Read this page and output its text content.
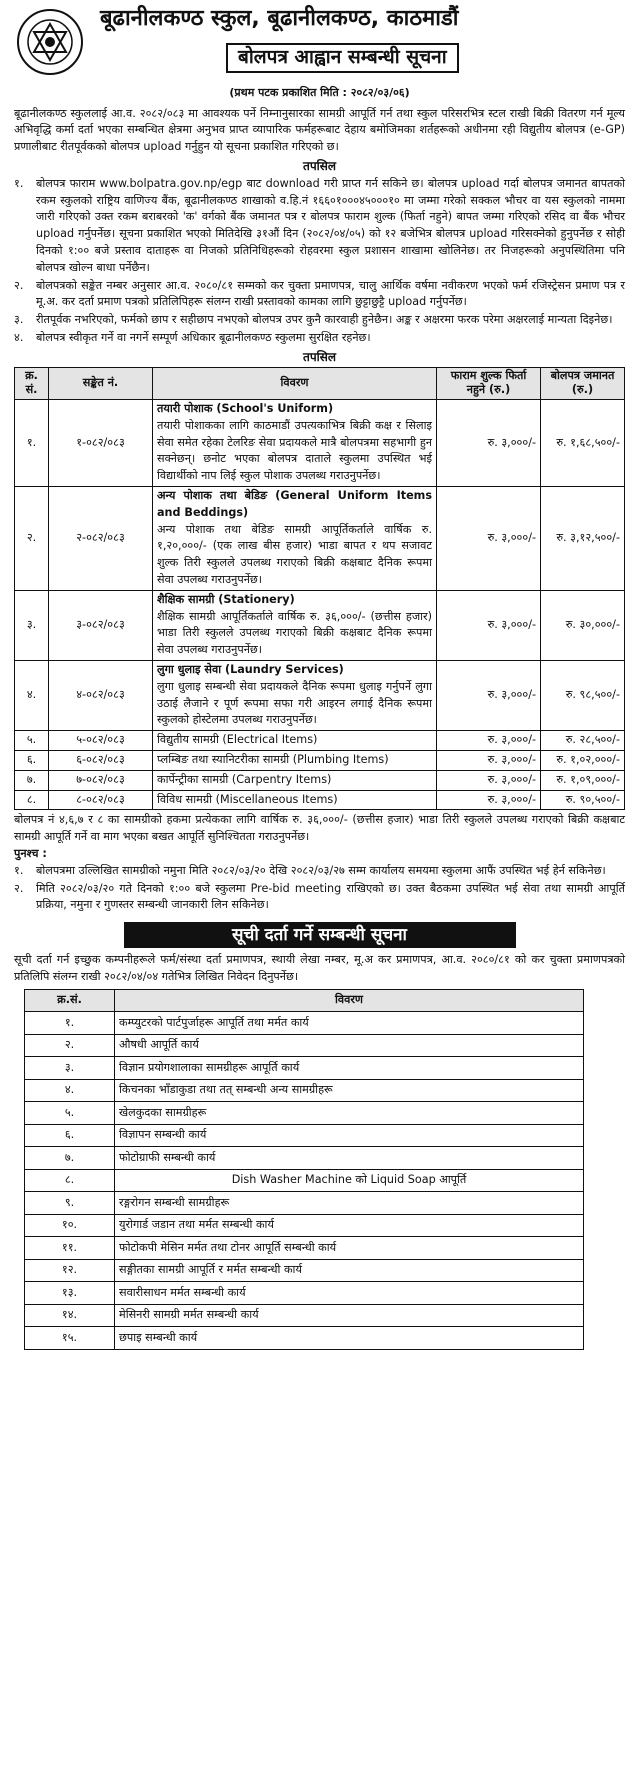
बूढानीलकण्ठ स्कुल, बूढानीलकण्ठ, काठमाडौं
बोलपत्र आह्वान सम्बन्धी सूचना
(प्रथम पटक प्रकाशित मिति : २०८२/०३/०६)

बूढानीलकण्ठ स्कुललाई आ.व. २०८२/०८३ मा आवश्यक पर्ने निम्नानुसारका सामग्री आपूर्ति गर्न तथा स्कुल परिसरभित्र स्टल राखी बिक्री वितरण गर्न मूल्य अभिवृद्धि कर्मा दर्ता भएका सम्बन्धित क्षेत्रमा अनुभव प्राप्त व्यापारिक फर्महरूबाट देहाय बमोजिमका शर्तहरूको अधीनमा रही विद्युतीय बोलपत्र (e-GP) प्रणालीबाट रीतपूर्वकको बोलपत्र upload गर्नुहुन यो सूचना प्रकाशित गरिएको छ।

तपसिल
१.	बोलपत्र फाराम www.bolpatra.gov.np/egp बाट download गरी प्राप्त गर्न सकिने छ। बोलपत्र upload गर्दा बोलपत्र जमानत बापतको रकम स्कुलको राष्ट्रिय वाणिज्य बैंक, बूढानीलकण्ठ शाखाको व.हि.नं १६६०१०००४५०००१० मा जम्मा गरेको सक्कल भौचर वा यस स्कुलको नाममा जारी गरिएको उक्त रकम बराबरको 'क' वर्गको बैंक जमानत पत्र र बोलपत्र फाराम शुल्क (फिर्ता नहुने) बापत जम्मा गरिएको रसिद वा बैंक भौचर upload गर्नुपर्नेछ। सूचना प्रकाशित भएको मितिदेखि ३१औं दिन (२०८२/०४/०५) को १२ बजेभित्र बोलपत्र upload गरिसक्नेको हुनुपर्नेछ र सोही दिनको १:०० बजे प्रस्ताव दाताहरू वा निजको प्रतिनिधिहरूको रोहवरमा स्कुल प्रशासन शाखामा खोलिनेछ। तर निजहरूको अनुपस्थितिमा पनि बोलपत्र खोल्न बाधा पर्नेछैन।
२.	बोलपत्रको सङ्केत नम्बर अनुसार आ.व. २०८०/८१ सम्मको कर चुक्ता प्रमाणपत्र, चालु आर्थिक वर्षमा नवीकरण भएको फर्म रजिस्ट्रेसन प्रमाण पत्र र मू.अ. कर दर्ता प्रमाण पत्रको प्रतिलिपिहरू संलग्न राखी प्रस्तावको कामका लागि छुट्टाछुट्टै upload गर्नुपर्नेछ।
३.	रीतपूर्वक नभरिएको, फर्मको छाप र सहीछाप नभएको बोलपत्र उपर कुनै कारवाही हुनेछैन। अङ्क र अक्षरमा फरक परेमा अक्षरलाई मान्यता दिइनेछ।
४.	बोलपत्र स्वीकृत गर्ने वा नगर्ने सम्पूर्ण अधिकार बूढानीलकण्ठ स्कुलमा सुरक्षित रहनेछ।
तपसिल
क्र. सं.	सङ्केत नं.	विवरण	फाराम शुल्क फिर्ता नहुने (रु.)	बोलपत्र जमानत (रु.)
१.	१-०८२/०८३	तयारी पोशाक (School's Uniform)
तयारी पोशाकका लागि काठमाडौं उपत्यकाभित्र बिक्री कक्ष र सिलाइ सेवा समेत रहेका टेलरिङ सेवा प्रदायकले मात्रै बोलपत्रमा सहभागी हुन सक्नेछन्। छनोट भएका बोलपत्र दाताले स्कुलमा उपस्थित भई विद्यार्थीको नाप लिई स्कुल पोशाक उपलब्ध गराउनुपर्नेछ।	रु. ३,०००/-	रु. १,६८,५००/-
२.	२-०८२/०८३	अन्य पोशाक तथा बेडिङ (General Uniform Items and Beddings)
अन्य पोशाक तथा बेडिङ सामग्री आपूर्तिकर्ताले वार्षिक रु. १,२०,०००/- (एक लाख बीस हजार) भाडा बापत र थप सजावट शुल्क तिरी स्कुलले उपलब्ध गराएको बिक्री कक्षबाट दैनिक रूपमा सेवा उपलब्ध गराउनुपर्नेछ।	रु. ३,०००/-	रु. ३,१२,५००/-
३.	३-०८२/०८३	शैक्षिक सामग्री (Stationery)
शैक्षिक सामग्री आपूर्तिकर्ताले वार्षिक रु. ३६,०००/- (छत्तीस हजार) भाडा तिरी स्कुलले उपलब्ध गराएको बिक्री कक्षबाट दैनिक रूपमा सेवा उपलब्ध गराउनुपर्नेछ।	रु. ३,०००/-	रु. ३०,०००/-
४.	४-०८२/०८३	लुगा धुलाइ सेवा (Laundry Services)
लुगा धुलाइ सम्बन्धी सेवा प्रदायकले दैनिक रूपमा धुलाइ गर्नुपर्ने लुगा उठाई लैजाने र पूर्ण रूपमा सफा गरी आइरन लगाई दैनिक रूपमा स्कुलको होस्टेलमा उपलब्ध गराउनुपर्नेछ।	रु. ३,०००/-	रु. ९८,५००/-
५.	५-०८२/०८३	विद्युतीय सामग्री (Electrical Items)	रु. ३,०००/-	रु. २८,५००/-
६.	६-०८२/०८३	प्लम्बिङ तथा स्यानिटरीका सामग्री (Plumbing Items)	रु. ३,०००/-	रु. १,०२,०००/-
७.	७-०८२/०८३	कार्पेन्ट्रीका सामग्री (Carpentry Items)	रु. ३,०००/-	रु. १,०९,०००/-
८.	८-०८२/०८३	विविध सामग्री (Miscellaneous Items)	रु. ३,०००/-	रु. ९०,५००/-

बोलपत्र नं ४,६,७ र ८ का सामग्रीको हकमा प्रत्येकका लागि वार्षिक रु. ३६,०००/- (छत्तीस हजार) भाडा तिरी स्कुलले उपलब्ध गराएको बिक्री कक्षबाट सामग्री आपूर्ति गर्ने वा माग भएका बखत आपूर्ति सुनिश्चितता गराउनुपर्नेछ।

पुनश्च :
१.	बोलपत्रमा उल्लिखित सामग्रीको नमुना मिति २०८२/०३/२० देखि २०८२/०३/२७ सम्म कार्यालय समयमा स्कुलमा आफैं उपस्थित भई हेर्न सकिनेछ।
२.	मिति २०८२/०३/२० गते दिनको १:०० बजे स्कुलमा Pre-bid meeting राखिएको छ। उक्त बैठकमा उपस्थित भई सेवा तथा सामग्री आपूर्ति प्रक्रिया, नमुना र गुणस्तर सम्बन्धी जानकारी लिन सकिनेछ।
सूची दर्ता गर्ने सम्बन्धी सूचना

सूची दर्ता गर्न इच्छुक कम्पनीहरूले फर्म/संस्था दर्ता प्रमाणपत्र, स्थायी लेखा नम्बर, मू.अ कर प्रमाणपत्र, आ.व. २०८०/८१ को कर चुक्ता प्रमाणपत्रको प्रतिलिपि संलग्न राखी २०८२/०४/०४ गतेभित्र लिखित निवेदन दिनुपर्नेछ।

क्र.सं.	विवरण
१.	कम्प्युटरको पार्टपुर्जाहरू आपूर्ति तथा मर्मत कार्य
२.	औषधी आपूर्ति कार्य
३.	विज्ञान प्रयोगशालाका सामग्रीहरू आपूर्ति कार्य
४.	किचनका भाँडाकुडा तथा तत् सम्बन्धी अन्य सामग्रीहरू
५.	खेलकुदका सामग्रीहरू
६.	विज्ञापन सम्बन्धी कार्य
७.	फोटोग्राफी सम्बन्धी कार्य
८.	Dish Washer Machine को Liquid Soap आपूर्ति
९.	रङ्गरोगन सम्बन्धी सामग्रीहरू
१०.	युरोगार्ड जडान तथा मर्मत सम्बन्धी कार्य
११.	फोटोकपी मेसिन मर्मत तथा टोनर आपूर्ति सम्बन्धी कार्य
१२.	सङ्गीतका सामग्री आपूर्ति र मर्मत सम्बन्धी कार्य
१३.	सवारीसाधन मर्मत सम्बन्धी कार्य
१४.	मेसिनरी सामग्री मर्मत सम्बन्धी कार्य
१५.	छपाइ सम्बन्धी कार्य
